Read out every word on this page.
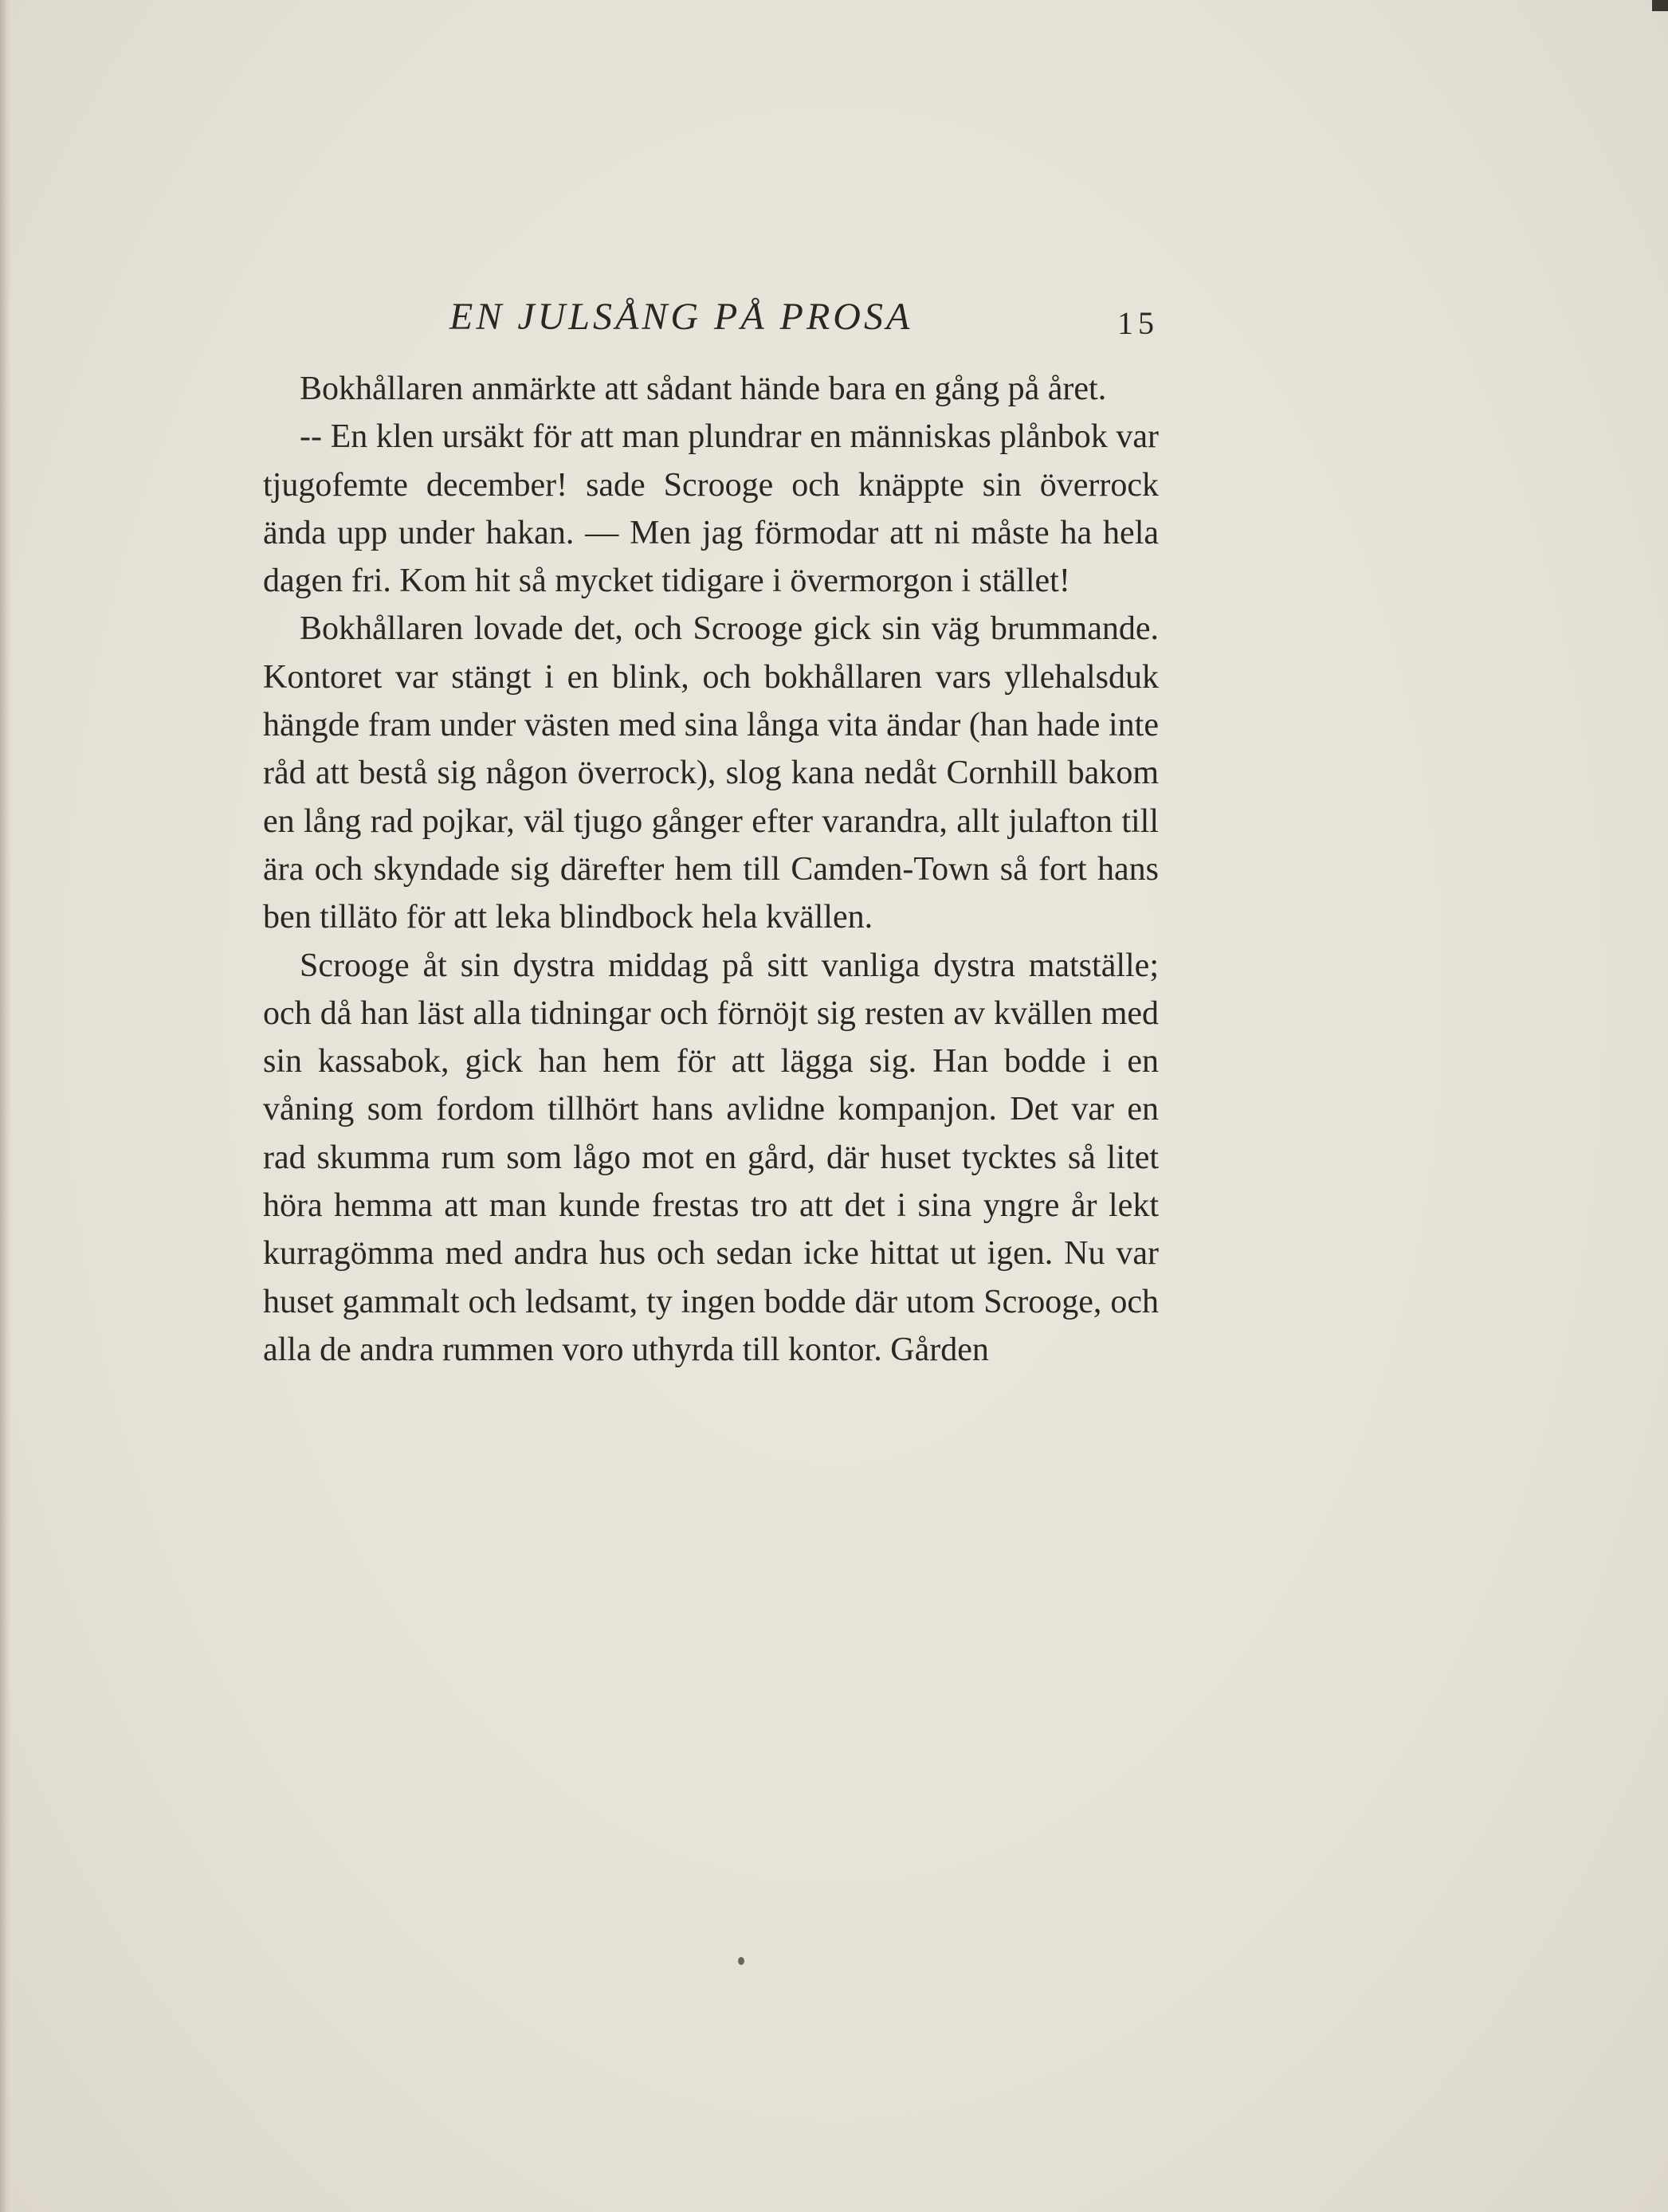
EN JULSÅNG PÅ PROSA	15

Bokhållaren anmärkte att sådant hände bara en gång på året.

-- En klen ursäkt för att man plundrar en människas plånbok var tjugofemte december! sade Scrooge och knäppte sin överrock ända upp under hakan. — Men jag förmodar att ni måste ha hela dagen fri. Kom hit så mycket tidigare i övermorgon i stället!

Bokhållaren lovade det, och Scrooge gick sin väg brummande. Kontoret var stängt i en blink, och bokhållaren vars yllehalsduk hängde fram under västen med sina långa vita ändar (han hade inte råd att bestå sig någon överrock), slog kana nedåt Cornhill bakom en lång rad pojkar, väl tjugo gånger efter varandra, allt julafton till ära och skyndade sig därefter hem till Camden-Town så fort hans ben tilläto för att leka blindbock hela kvällen.

Scrooge åt sin dystra middag på sitt vanliga dystra matställe; och då han läst alla tidningar och förnöjt sig resten av kvällen med sin kassabok, gick han hem för att lägga sig. Han bodde i en våning som fordom tillhört hans avlidne kompanjon. Det var en rad skumma rum som lågo mot en gård, där huset tycktes så litet höra hemma att man kunde frestas tro att det i sina yngre år lekt kurragömma med andra hus och sedan icke hittat ut igen. Nu var huset gammalt och ledsamt, ty ingen bodde där utom Scrooge, och alla de andra rummen voro uthyrda till kontor. Gården
